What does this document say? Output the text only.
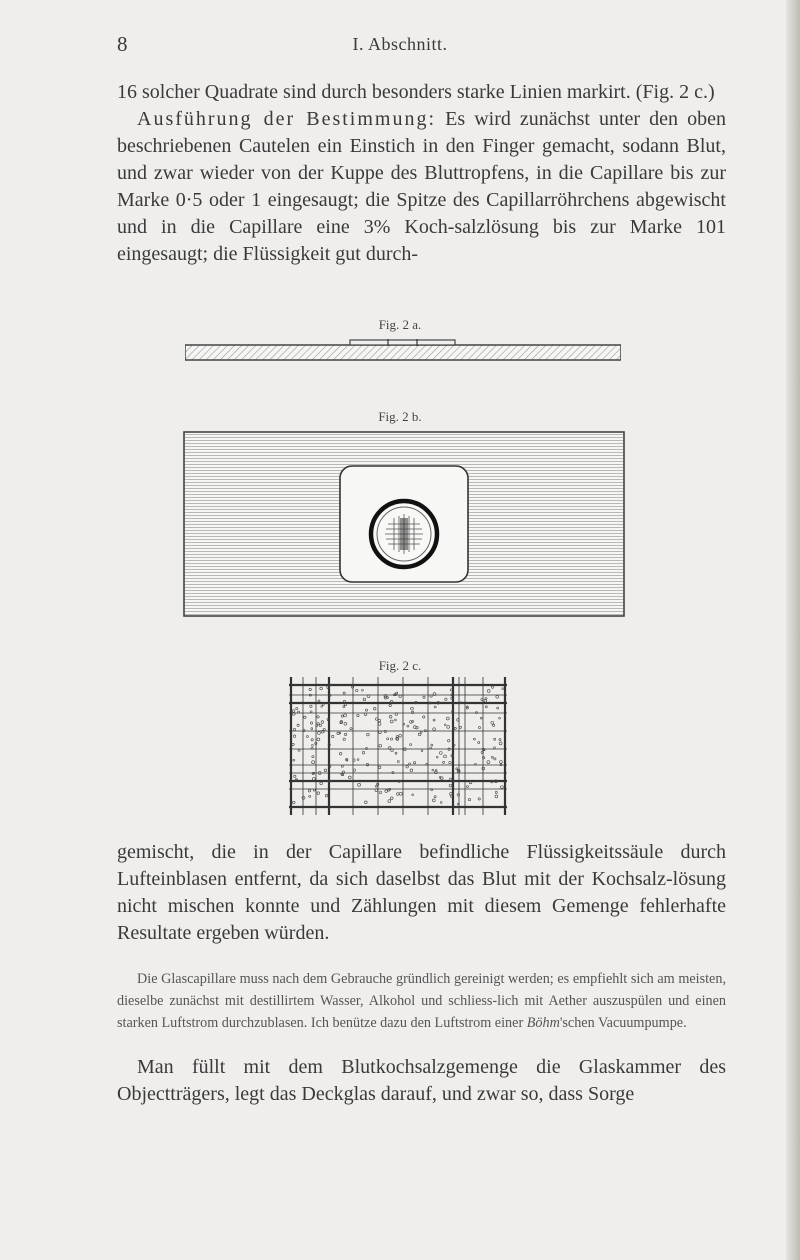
8	I. Abschnitt.

16 solcher Quadrate sind durch besonders starke Linien markirt. (Fig. 2 c.)

Ausführung der Bestimmung: Es wird zunächst unter den oben beschriebenen Cautelen ein Einstich in den Finger gemacht, sodann Blut, und zwar wieder von der Kuppe des Bluttropfens, in die Capillare bis zur Marke 0·5 oder 1 eingesaugt; die Spitze des Capillarröhrchens abgewischt und in die Capillare eine 3% Koch-salzlösung bis zur Marke 101 eingesaugt; die Flüssigkeit gut durch-

Fig. 2 a.
Fig. 2 b.
Fig. 2 c.

gemischt, die in der Capillare befindliche Flüssigkeitssäule durch Lufteinblasen entfernt, da sich daselbst das Blut mit der Kochsalz-lösung nicht mischen konnte und Zählungen mit diesem Gemenge fehlerhafte Resultate ergeben würden.

Die Glascapillare muss nach dem Gebrauche gründlich gereinigt werden; es empfiehlt sich am meisten, dieselbe zunächst mit destillirtem Wasser, Alkohol und schliess-lich mit Aether auszuspülen und einen starken Luftstrom durchzublasen. Ich benütze dazu den Luftstrom einer Böhm'schen Vacuumpumpe.

Man füllt mit dem Blutkochsalzgemenge die Glaskammer des Objectträgers, legt das Deckglas darauf, und zwar so, dass Sorge
